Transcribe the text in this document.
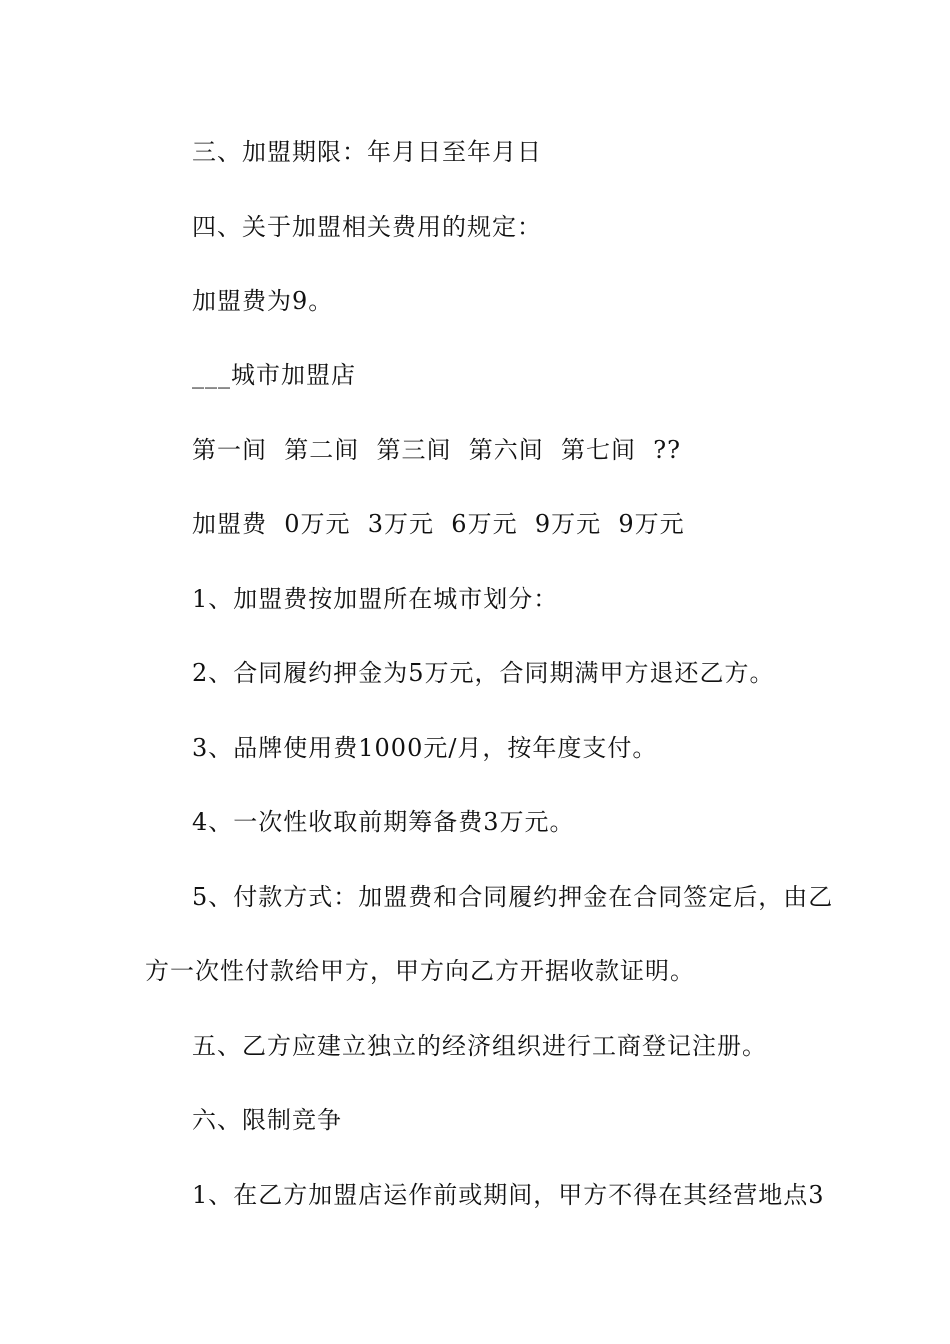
三、加盟期限：年月日至年月日
四、关于加盟相关费用的规定：
加盟费为9。
___城市加盟店
第一间  第二间  第三间  第六间  第七间  ??
加盟费  0万元  3万元  6万元  9万元  9万元
1、加盟费按加盟所在城市划分：
2、合同履约押金为5万元，合同期满甲方退还乙方。
3、品牌使用费1000元/月，按年度支付。
4、一次性收取前期筹备费3万元。
5、付款方式：加盟费和合同履约押金在合同签定后，由乙
方一次性付款给甲方，甲方向乙方开据收款证明。
五、乙方应建立独立的经济组织进行工商登记注册。
六、限制竞争
1、在乙方加盟店运作前或期间，甲方不得在其经营地点3
